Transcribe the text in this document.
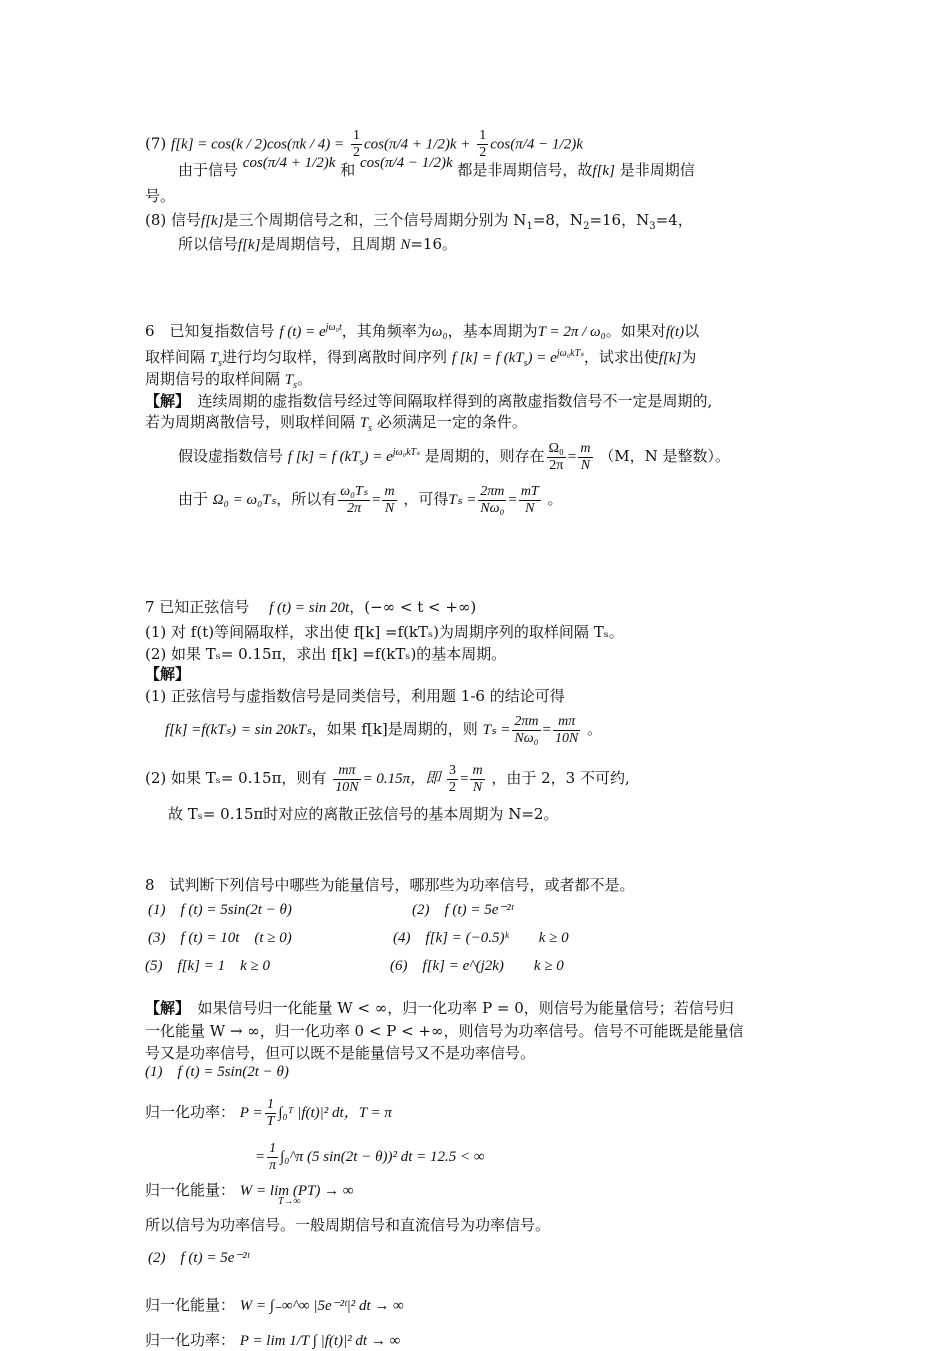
(7) $f[k] = \cos(k / 2)\cos(\pi k / 4) = \frac{1}{2} \cos(\pi/4 + 1/2)k + \frac{1}{2} \cos(\pi/4 - 1/2)k$
由于信号 cos(π/4 + 1/2)k 和 cos(π/4 − 1/2)k 都是非周期信号，故f[k] 是非周期信
号。
(8) 信号f[k]是三个周期信号之和，三个信号周期分别为 $N_1=8$，$N_2=16$，$N_3=4$，
所以信号f[k]是周期信号，且周期 N=16。
6　已知复指数信号 f $(t) = e^{j\omega_0t}$，其角频率为ω₀，基本周期为T = 2π / ω₀。如果对f(t)以
取样间隔 $T_s$进行均匀取样，得到离散时间序列 f [k] = f $(kT_s) = e^{j\omega_0kT_s}$，试求出使f[k]为
周期信号的取样间隔 $T_s$。
【解】　连续周期的虚指数信号经过等间隔取样得到的离散虚指数信号不一定是周期的,
若为周期离散信号，则取样间隔 $T_s$ 必须满足一定的条件。
假设虚指数信号 f [k] = f $(kT_s) = e^{j\omega_0kT_s}$ 是周期的，则存在 $\frac{\text{Ω₀}}{2\pi} = \frac{m}{N} (M$，N 是整数）。
由于 Ω₀ = ω₀Tₛ，所以有 $\frac{\text{ω₀Tₛ}}{2\pi} = \frac{m}{N}$ ，可得$T_s = \frac{2\pi m}{\text{Nω₀}} = \frac{mT}{N}$ 。
7 已知正弦信号　 f (t) = sin 20t，(−∞ < t < +∞)
(1) 对 f(t)等间隔取样，求出使 f[k] =f(kTₛ)为周期序列的取样间隔 Tₛ。
(2) 如果 Tₛ= 0.15π，求出 f[k] =f(kTₛ)的基本周期。
【解】
(1) 正弦信号与虚指数信号是同类信号，利用题 1-6 的结论可得
f[k] =f(kTₛ) = sin 20kTₛ，如果 f[k]是周期的，则 $T_s = \frac{2\pi m}{\text{Nω₀}} = \frac{m\pi}{10N}$ 。
(2) 如果 Tₛ= 0.15π，则有 $\frac{m\pi}{10N} = 0.15\pi$，即 $\frac{3}{2} = \frac{m}{N}$ ，由于 2，3 不可约,
故 Tₛ= 0.15π时对应的离散正弦信号的基本周期为 N=2。
8　试判断下列信号中哪些为能量信号，哪那些为功率信号，或者都不是。
(1)　f (t) = 5sin(2t − θ)	(2)　f (t) = 5e⁻²ᵗ
(3)　f (t) = 10t　(t ≥ 0)	(4)　f[k] = (−0.5)ᵏ　　k ≥ 0
(5)　f[k] = 1　k ≥ 0	(6)　f[k] = e^(j2k)　　k ≥ 0
【解】　如果信号归一化能量 W < ∞，归一化功率 P = 0，则信号为能量信号；若信号归
一化能量 W → ∞，归一化功率 0 < P < +∞，则信号为功率信号。信号不可能既是能量信
号又是功率信号，但可以既不是能量信号又不是功率信号。
(1)　f (t) = 5sin(2t − θ)
归一化功率： $P = \frac{1}{T}$ ∫₀ᵀ |f(t)|² dt，T = π
= $\frac{1}{\pi}$ ∫₀^π (5 sin(2t − θ))² dt = 12.5 < ∞
归一化能量： W = lim (PT) → ∞
T→∞
所以信号为功率信号。一般周期信号和直流信号为功率信号。
(2)　f (t) = 5e⁻²ᵗ
归一化能量： W = ∫₋∞^∞ |5e⁻²ᵗ|² dt → ∞
归一化功率： P = lim 1/T ∫ |f(t)|² dt → ∞
